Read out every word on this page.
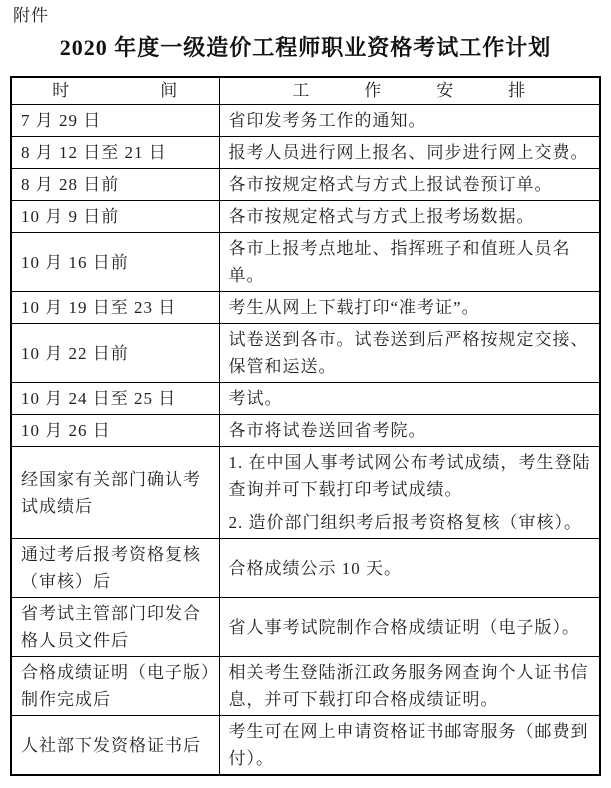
附件
2020 年度一级造价工程师职业资格考试工作计划
时　　　　　间	工　　　作　　　安　　　排
7 月 29 日	省印发考务工作的通知。

8 月 12 日至 21 日	报考人员进行网上报名、同步进行网上交费。

8 月 28 日前	各市按规定格式与方式上报试卷预订单。

10 月 9 日前	各市按规定格式与方式上报考场数据。

10 月 16 日前	各市上报考点地址、指挥班子和值班人员名单。

10 月 19 日至 23 日	考生从网上下载打印“准考证”。

10 月 22 日前	试卷送到各市。试卷送到后严格按规定交接、保管和运送。

10 月 24 日至 25 日	考试。

10 月 26 日	各市将试卷送回省考院。

经国家有关部门确认考试成绩后	1. 在中国人事考试网公布考试成绩，考生登陆查询并可下载打印考试成绩。
2. 造价部门组织考后报考资格复核（审核）。

通过考后报考资格复核（审核）后	合格成绩公示 10 天。

省考试主管部门印发合格人员文件后	省人事考试院制作合格成绩证明（电子版）。

合格成绩证明（电子版）制作完成后	相关考生登陆浙江政务服务网查询个人证书信息，并可下载打印合格成绩证明。

人社部下发资格证书后	考生可在网上申请资格证书邮寄服务（邮费到付）。
